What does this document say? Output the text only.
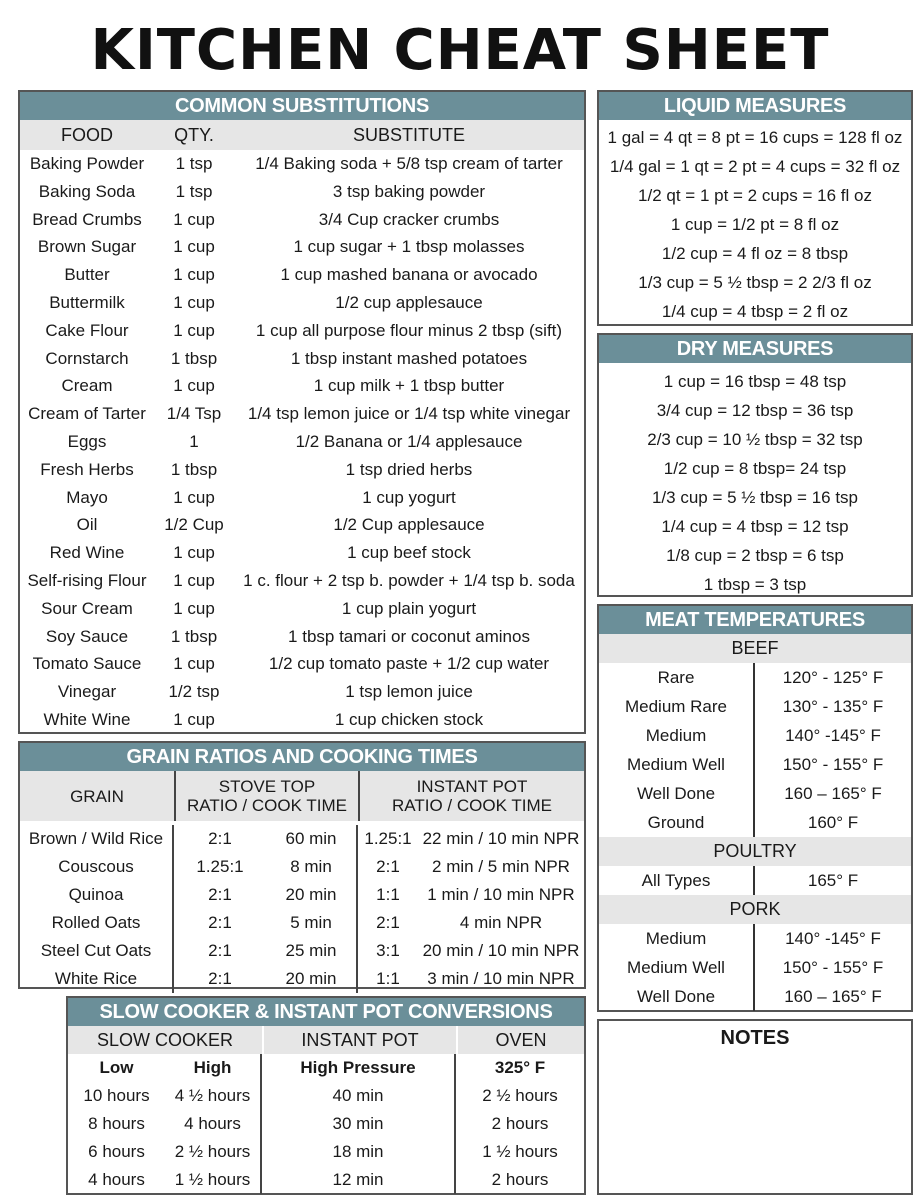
KITCHEN CHEAT SHEET
COMMON SUBSTITUTIONS
FOOD	QTY.	SUBSTITUTE
Baking Powder	1 tsp	1/4 Baking soda + 5/8 tsp cream of tarter
Baking Soda	1 tsp	3 tsp baking powder
Bread Crumbs	1 cup	3/4 Cup cracker crumbs
Brown Sugar	1 cup	1 cup sugar + 1 tbsp molasses
Butter	1 cup	1 cup mashed banana or avocado
Buttermilk	1 cup	1/2 cup applesauce
Cake Flour	1 cup	1 cup all purpose flour minus 2 tbsp (sift)
Cornstarch	1 tbsp	1 tbsp instant mashed potatoes
Cream	1 cup	1 cup milk + 1 tbsp butter
Cream of Tarter	1/4 Tsp	1/4 tsp lemon juice or 1/4 tsp white vinegar
Eggs	1	1/2 Banana or 1/4 applesauce
Fresh Herbs	1 tbsp	1 tsp dried herbs
Mayo	1 cup	1 cup yogurt
Oil	1/2 Cup	1/2 Cup applesauce
Red Wine	1 cup	1 cup beef stock
Self-rising Flour	1 cup	1 c. flour + 2 tsp b. powder + 1/4 tsp b. soda
Sour Cream	1 cup	1 cup plain yogurt
Soy Sauce	1 tbsp	1 tbsp tamari or coconut aminos
Tomato Sauce	1 cup	1/2 cup tomato paste + 1/2 cup water
Vinegar	1/2 tsp	1 tsp lemon juice
White Wine	1 cup	1 cup chicken stock
LIQUID MEASURES
1 gal = 4 qt = 8 pt = 16 cups = 128 fl oz
1/4 gal = 1 qt = 2 pt = 4 cups = 32 fl oz
1/2 qt = 1 pt = 2 cups = 16 fl oz
1 cup = 1/2 pt = 8 fl oz
1/2 cup = 4 fl oz = 8 tbsp
1/3 cup = 5 ½ tbsp = 2 2/3 fl oz
1/4 cup = 4 tbsp = 2 fl oz
DRY MEASURES
1 cup = 16 tbsp = 48 tsp
3/4 cup = 12 tbsp = 36 tsp
2/3 cup = 10 ½ tbsp = 32 tsp
1/2 cup = 8 tbsp= 24 tsp
1/3 cup = 5 ½ tbsp = 16 tsp
1/4 cup = 4 tbsp = 12 tsp
1/8 cup = 2 tbsp = 6 tsp
1 tbsp = 3 tsp
MEAT TEMPERATURES
BEEF
Rare	120° - 125° F
Medium Rare	130° - 135° F
Medium	140° -145° F
Medium Well	150° - 155° F
Well Done	160 – 165° F
Ground	160° F
POULTRY
All Types	165° F
PORK
Medium	140° -145° F
Medium Well	150° - 155° F
Well Done	160 – 165° F
NOTES
GRAIN RATIOS AND COOKING TIMES
GRAIN	STOVE TOP
RATIO / COOK TIME
INSTANT POT
RATIO / COOK TIME
Brown / Wild Rice	2:1	60 min	1.25:1 22 min / 10 min NPR
Couscous	1.25:1	8 min	2:1	2 min / 5 min NPR
Quinoa	2:1	20 min	1:1	1 min / 10 min NPR
Rolled Oats	2:1	5 min	2:1	4 min NPR
Steel Cut Oats	2:1	25 min	3:1	20 min / 10 min NPR
White Rice	2:1	20 min	1:1	3 min / 10 min NPR
SLOW COOKER & INSTANT POT CONVERSIONS
SLOW COOKER	INSTANT POT	OVEN
Low	High	High Pressure	325° F
10 hours	4 ½ hours	40 min	2 ½ hours
8 hours	4 hours	30 min	2 hours
6 hours	2 ½ hours	18 min	1 ½ hours
4 hours	1 ½ hours	12 min	2 hours
